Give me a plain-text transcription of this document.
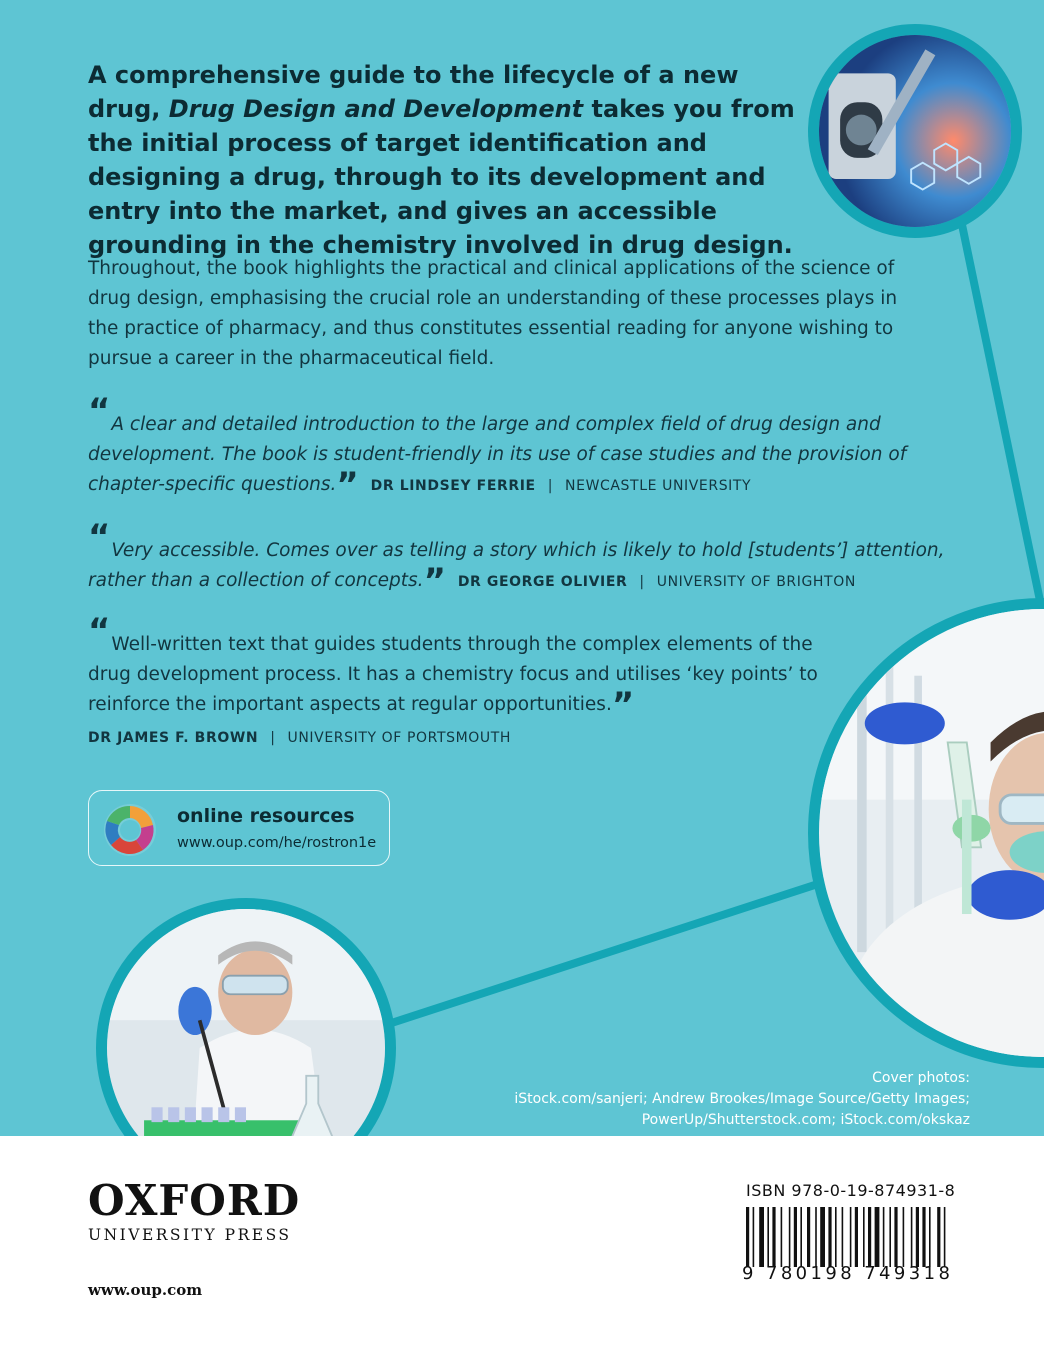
A comprehensive guide to the lifecycle of a new drug, Drug Design and Development takes you from the initial process of target identification and designing a drug, through to its development and entry into the market, and gives an accessible grounding in the chemistry involved in drug design.

Throughout, the book highlights the practical and clinical applications of the science of drug design, emphasising the crucial role an understanding of these processes plays in the practice of pharmacy, and thus constitutes essential reading for anyone wishing to pursue a career in the pharmaceutical field.

“A clear and detailed introduction to the large and complex field of drug design and development. The book is student-friendly in its use of case studies and the provision of chapter-specific questions.” DR LINDSEY FERRIE | NEWCASTLE UNIVERSITY

“Very accessible. Comes over as telling a story which is likely to hold [students’] attention, rather than a collection of concepts.” DR GEORGE OLIVIER | UNIVERSITY OF BRIGHTON

“Well-written text that guides students through the complex elements of the drug development process. It has a chemistry focus and utilises ‘key points’ to reinforce the important aspects at regular opportunities.”

DR JAMES F. BROWN | UNIVERSITY OF PORTSMOUTH
online resources
www.oup.com/he/rostron1e
Cover photos:
iStock.com/sanjeri; Andrew Brookes/Image Source/Getty Images;
PowerUp/Shutterstock.com; iStock.com/okskaz
OXFORD
UNIVERSITY PRESS
www.oup.com
ISBN 978-0-19-874931-8
9 780198 749318
